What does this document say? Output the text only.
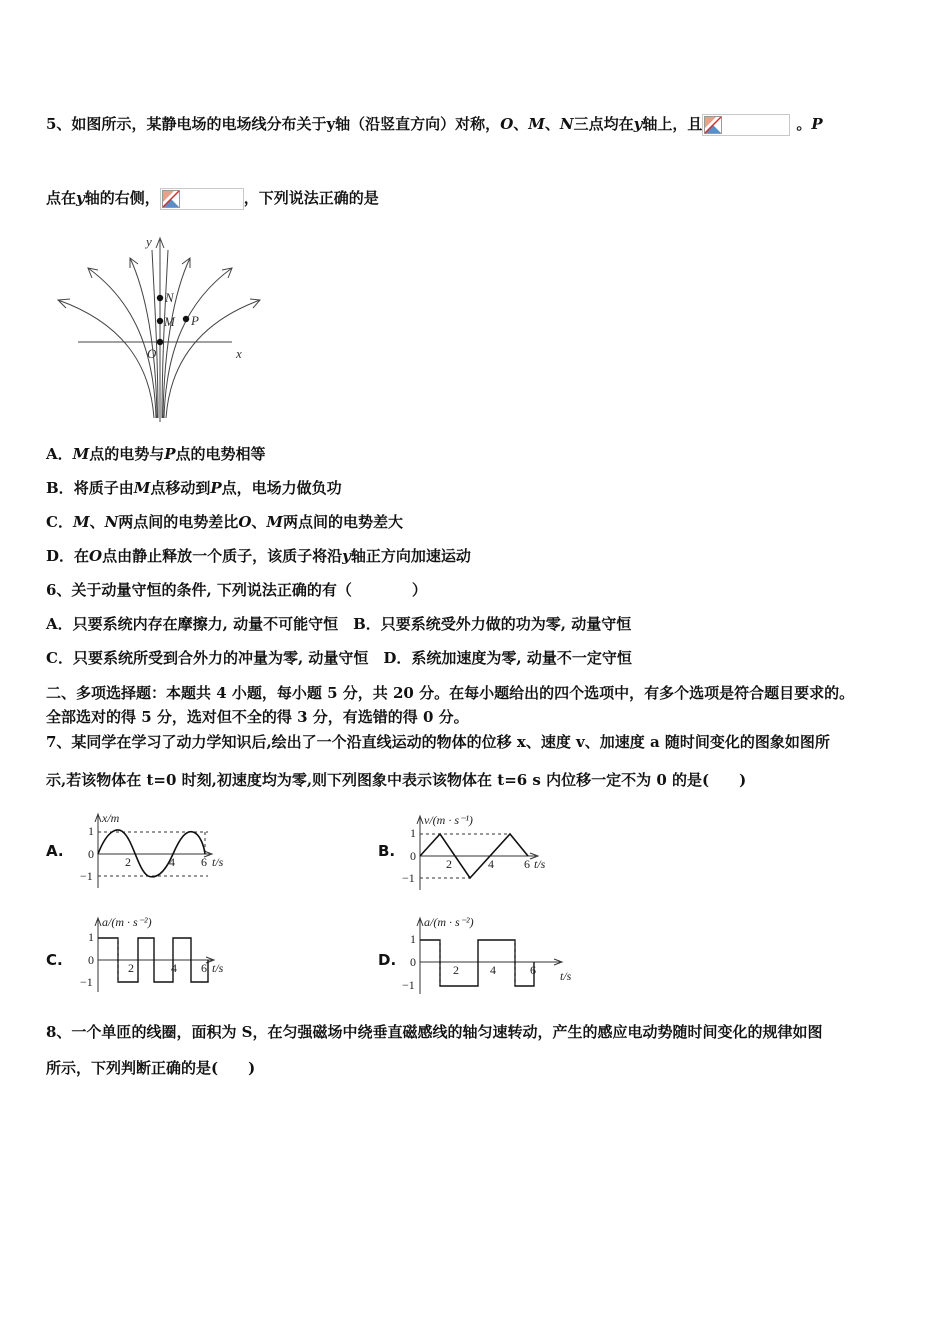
5、如图所示，某静电场的电场线分布关于y轴（沿竖直方向）对称，O、M、N三点均在y轴上，且	。P
点在y轴的右侧，	，下列说法正确的是
y
x
N
M P
O
A．M点的电势与P点的电势相等
B．将质子由M点移动到P点，电场力做负功
C．M、N两点间的电势差比O、M两点间的电势差大
D．在O点由静止释放一个质子，该质子将沿y轴正方向加速运动
6、关于动量守恒的条件, 下列说法正确的有（　　　　）
A．只要系统内存在摩擦力, 动量不可能守恒　B．只要系统受外力做的功为零, 动量守恒
C．只要系统所受到合外力的冲量为零, 动量守恒　D．系统加速度为零, 动量不一定守恒
二、多项选择题：本题共 4 小题，每小题 5 分，共 20 分。在每小题给出的四个选项中，有多个选项是符合题目要求的。
全部选对的得 5 分，选对但不全的得 3 分，有选错的得 0 分。
7、某同学在学习了动力学知识后,绘出了一个沿直线运动的物体的位移 x、速度 v、加速度 a 随时间变化的图象如图所
示,若该物体在 t=0 时刻,初速度均为零,则下列图象中表示该物体在 t=6 s 内位移一定不为 0 的是(　　)
A.
x/m
1
0
−1
2	4 6 t/s
B.
v/(m · s⁻¹)
1
0
−1
2	4	6 t/s
C.
a/(m · s⁻²)
1
0
−1
2	4 6 t/s	D.
a/(m · s⁻²)
1
0
−1
2	4	6 t/s
8、一个单匝的线圈，面积为 S，在匀强磁场中绕垂直磁感线的轴匀速转动，产生的感应电动势随时间变化的规律如图
所示，下列判断正确的是(　　)
